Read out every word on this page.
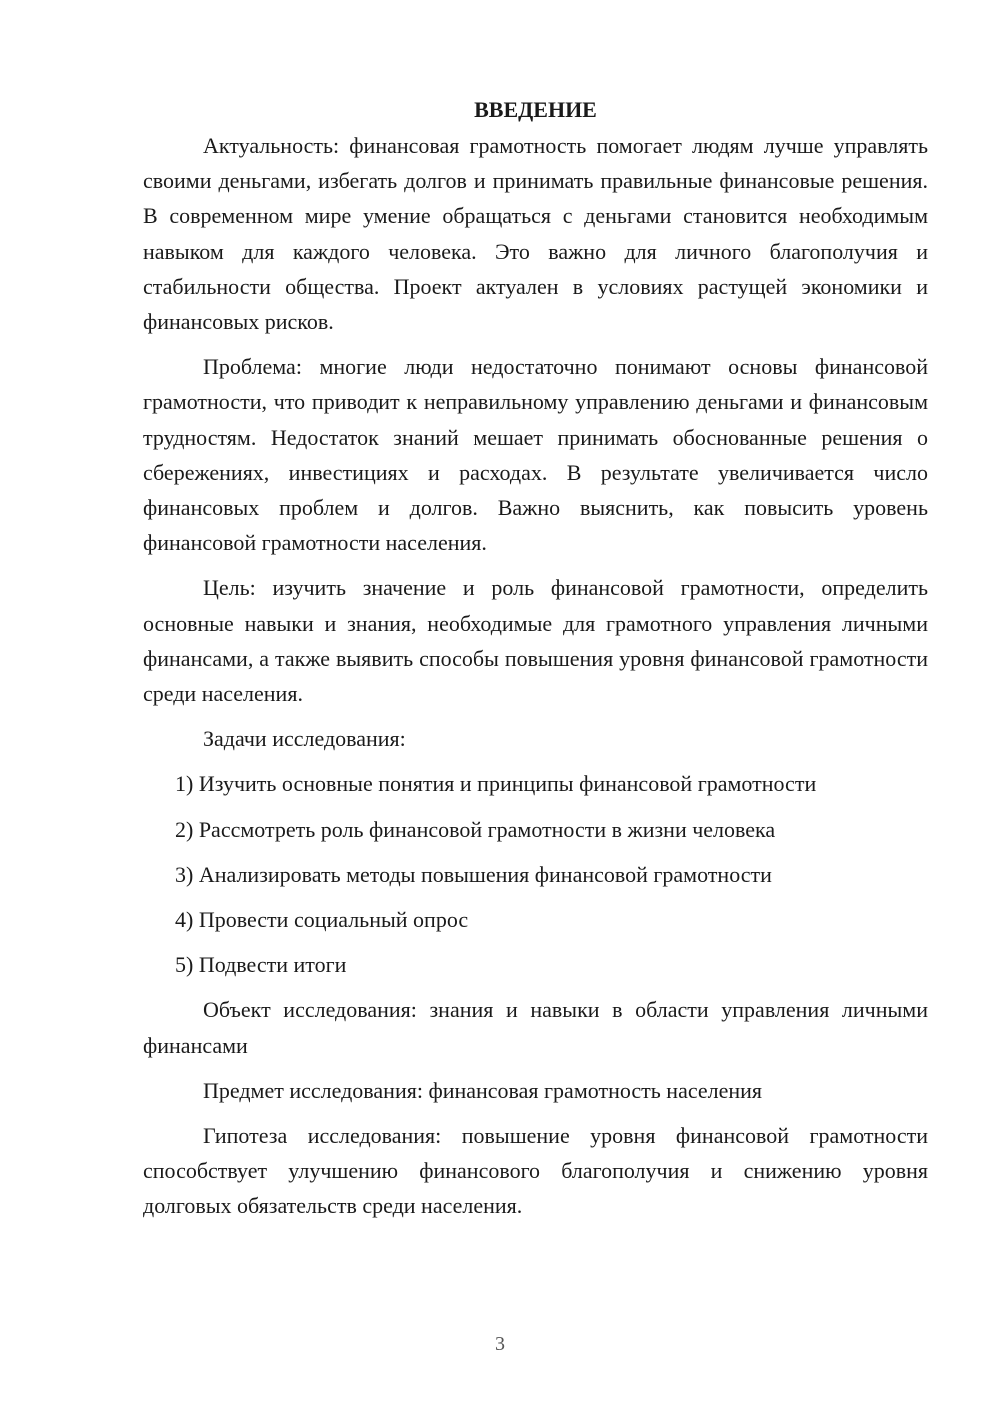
ВВЕДЕНИЕ

Актуальность: финансовая грамотность помогает людям лучше управлять своими деньгами, избегать долгов и принимать правильные финансовые решения. В современном мире умение обращаться с деньгами становится необходимым навыком для каждого человека. Это важно для личного благополучия и стабильности общества. Проект актуален в условиях растущей экономики и финансовых рисков.

Проблема: многие люди недостаточно понимают основы финансовой грамотности, что приводит к неправильному управлению деньгами и финансовым трудностям. Недостаток знаний мешает принимать обоснованные решения о сбережениях, инвестициях и расходах. В результате увеличивается число финансовых проблем и долгов. Важно выяснить, как повысить уровень финансовой грамотности населения.

Цель: изучить значение и роль финансовой грамотности, определить основные навыки и знания, необходимые для грамотного управления личными финансами, а также выявить способы повышения уровня финансовой грамотности среди населения.

Задачи исследования:

1) Изучить основные понятия и принципы финансовой грамотности
2) Рассмотреть роль финансовой грамотности в жизни человека
3) Анализировать методы повышения финансовой грамотности
4) Провести социальный опрос
5) Подвести итоги

Объект исследования: знания и навыки в области управления личными финансами

Предмет исследования: финансовая грамотность населения

Гипотеза исследования: повышение уровня финансовой грамотности способствует улучшению финансового благополучия и снижению уровня долговых обязательств среди населения.

3
